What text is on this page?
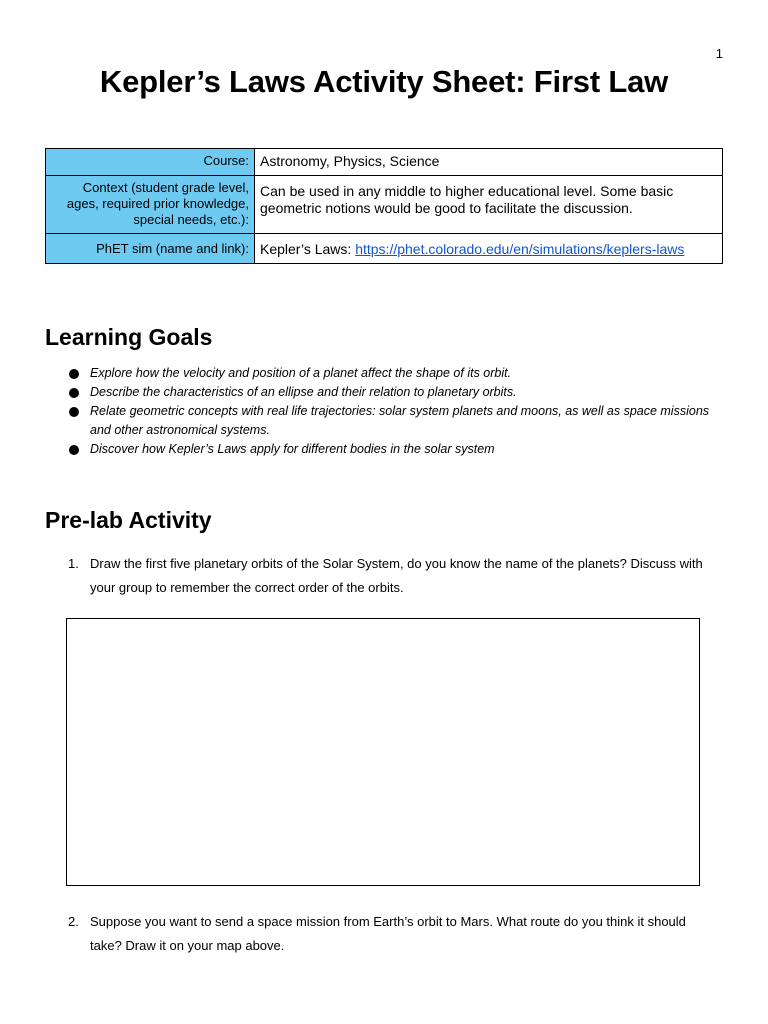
1
Kepler’s Laws Activity Sheet: First Law
Course:	Astronomy, Physics, Science
Context (student grade level, ages, required prior knowledge, special needs, etc.):	Can be used in any middle to higher educational level. Some basic geometric notions would be good to facilitate the discussion.
PhET sim (name and link):	Kepler’s Laws: https://phet.colorado.edu/en/simulations/keplers-laws
Learning Goals
Explore how the velocity and position of a planet affect the shape of its orbit.
Describe the characteristics of an ellipse and their relation to planetary orbits.
Relate geometric concepts with real life trajectories: solar system planets and moons, as well as space missions and other astronomical systems.
Discover how Kepler’s Laws apply for different bodies in the solar system
Pre-lab Activity
1. Draw the first five planetary orbits of the Solar System, do you know the name of the planets? Discuss with your group to remember the correct order of the orbits.
2. Suppose you want to send a space mission from Earth’s orbit to Mars. What route do you think it should take? Draw it on your map above.
